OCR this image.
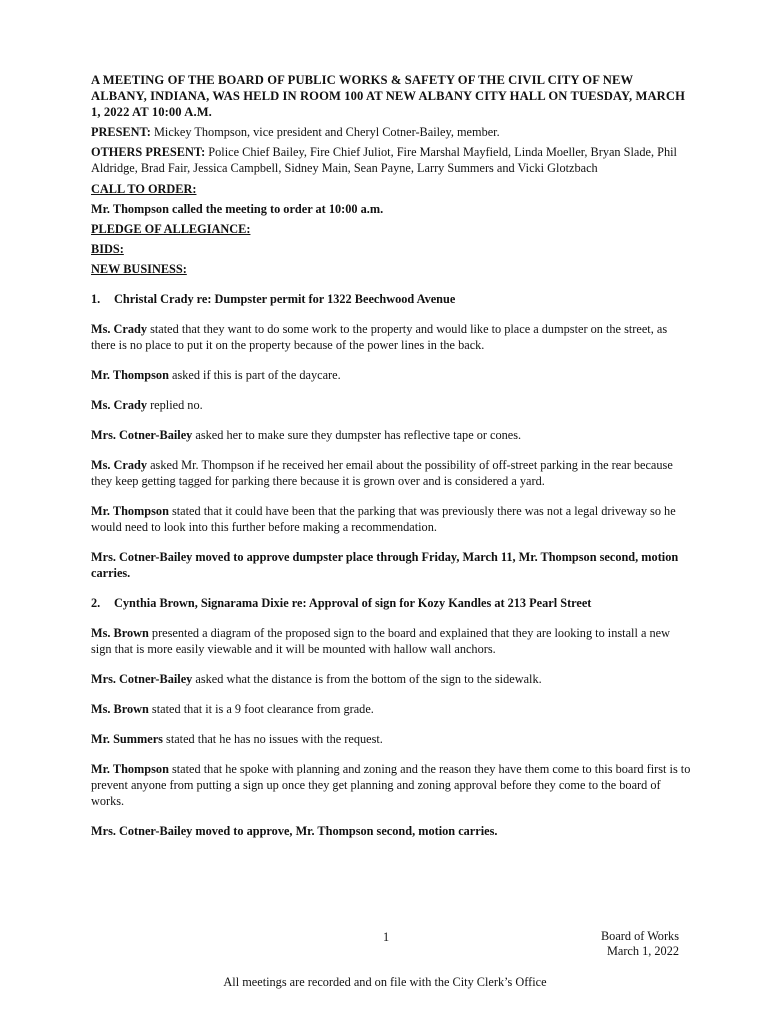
A MEETING OF THE BOARD OF PUBLIC WORKS & SAFETY OF THE CIVIL CITY OF NEW ALBANY, INDIANA, WAS HELD IN ROOM 100 AT NEW ALBANY CITY HALL ON TUESDAY, MARCH 1, 2022 AT 10:00 A.M.

PRESENT: Mickey Thompson, vice president and Cheryl Cotner-Bailey, member.

OTHERS PRESENT: Police Chief Bailey, Fire Chief Juliot, Fire Marshal Mayfield, Linda Moeller, Bryan Slade, Phil Aldridge, Brad Fair, Jessica Campbell, Sidney Main, Sean Payne, Larry Summers and Vicki Glotzbach

CALL TO ORDER:

Mr. Thompson called the meeting to order at 10:00 a.m.

PLEDGE OF ALLEGIANCE:

BIDS:

NEW BUSINESS:

1. Christal Crady re: Dumpster permit for 1322 Beechwood Avenue

Ms. Crady stated that they want to do some work to the property and would like to place a dumpster on the street, as there is no place to put it on the property because of the power lines in the back.

Mr. Thompson asked if this is part of the daycare.

Ms. Crady replied no.

Mrs. Cotner-Bailey asked her to make sure they dumpster has reflective tape or cones.

Ms. Crady asked Mr. Thompson if he received her email about the possibility of off-street parking in the rear because they keep getting tagged for parking there because it is grown over and is considered a yard.

Mr. Thompson stated that it could have been that the parking that was previously there was not a legal driveway so he would need to look into this further before making a recommendation.

Mrs. Cotner-Bailey moved to approve dumpster place through Friday, March 11, Mr. Thompson second, motion carries.

2. Cynthia Brown, Signarama Dixie re: Approval of sign for Kozy Kandles at 213 Pearl Street

Ms. Brown presented a diagram of the proposed sign to the board and explained that they are looking to install a new sign that is more easily viewable and it will be mounted with hallow wall anchors.

Mrs. Cotner-Bailey asked what the distance is from the bottom of the sign to the sidewalk.

Ms. Brown stated that it is a 9 foot clearance from grade.

Mr. Summers stated that he has no issues with the request.

Mr. Thompson stated that he spoke with planning and zoning and the reason they have them come to this board first is to prevent anyone from putting a sign up once they get planning and zoning approval before they come to the board of works.

Mrs. Cotner-Bailey moved to approve, Mr. Thompson second, motion carries.

1	Board of Works
March 1, 2022
All meetings are recorded and on file with the City Clerk’s Office
